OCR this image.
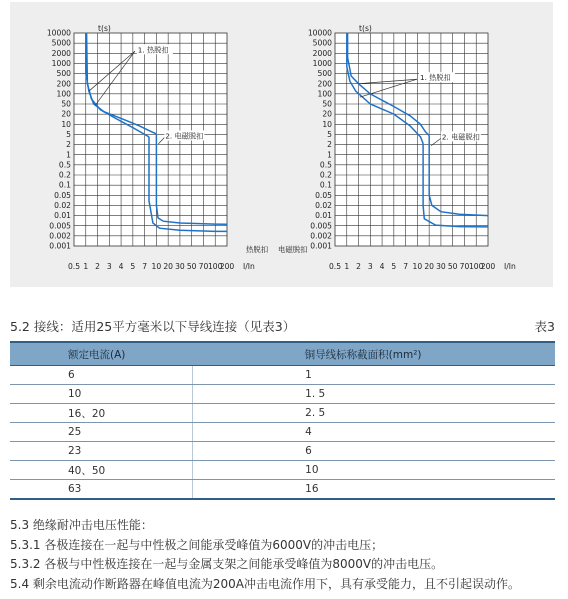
10000
5000
2000
1000
500
200
100
50
20
10
5
2
1
0.5
0.2
0.1
0.05
0.02
0.01
0.005
0.002
0.001
0.5 1 2 3 4 5 7 10 20 30 50 70 100
200
t(s)
I/In
1. 热脱扣
2. 电磁脱扣
热脱扣 电磁脱扣
10000
5000
2000
1000
500
200
100
50
20
10
5
2
1
0.5
0.2
0.1
0.05
0.02
0.01
0.005
0.002
0.001
0.5 1 2 3 4 5 7 10 20 30 50 70 100
200
t(s)
I/In
1. 热脱扣
2. 电磁脱扣
5.2 接线：适用25平方毫米以下导线连接（见表3）	表3
额定电流(A)	铜导线标称截面积(mm²)
6	1
10	1. 5
16、20	2. 5
25	4
23	6
40、50	10
63	16

5.3 绝缘耐冲击电压性能：

5.3.1 各极连接在一起与中性极之间能承受峰值为6000V的冲击电压；

5.3.2 各极与中性极连接在一起与金属支架之间能承受峰值为8000V的冲击电压。

5.4 剩余电流动作断路器在峰值电流为200A冲击电流作用下，具有承受能力，且不引起误动作。
